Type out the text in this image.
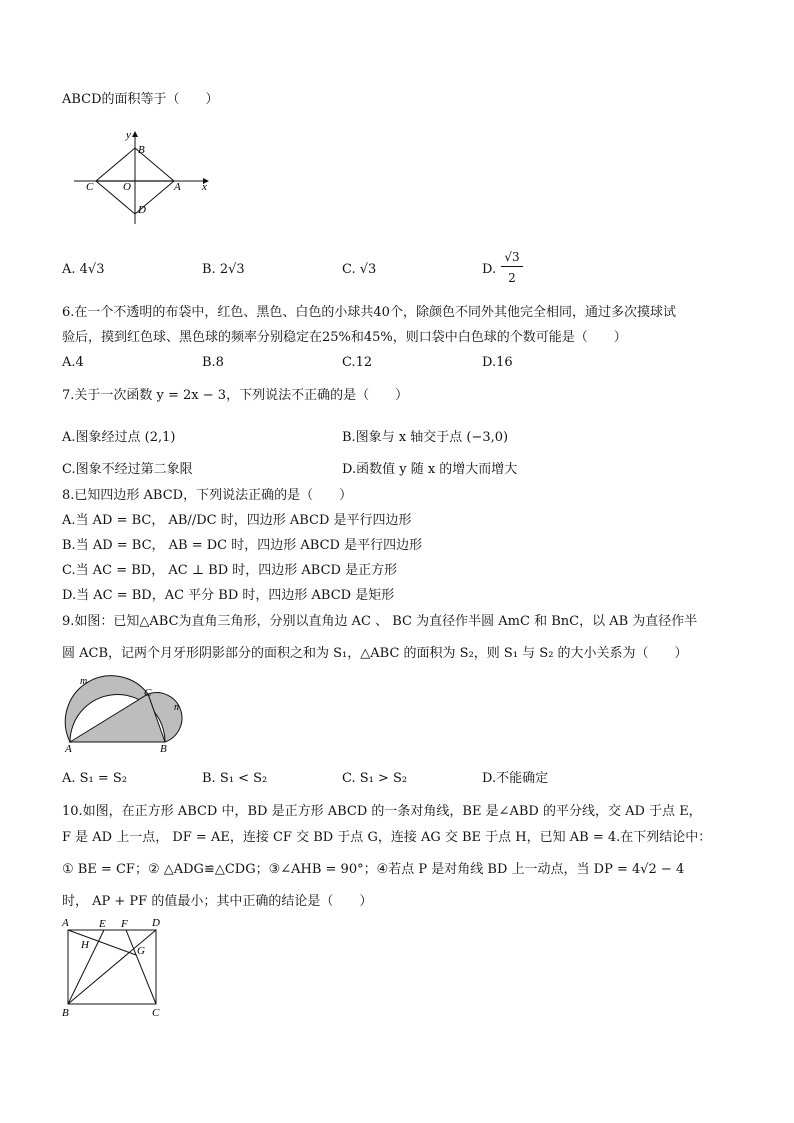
ABCD的面积等于（　　）
y
x
B
C	O	A
D
A. 4√3	B. 2√3	C. √3	D.
√3
2
6.在一个不透明的布袋中，红色、黑色、白色的小球共40个，除颜色不同外其他完全相同，通过多次摸球试
验后，摸到红色球、黑色球的频率分别稳定在25%和45%，则口袋中白色球的个数可能是（　　）
A.4	B.8	C.12	D.16
7.关于一次函数 y = 2x − 3，下列说法不正确的是（　　）
A.图象经过点 (2,1)	B.图象与 x 轴交于点 (−3,0)
C.图象不经过第二象限	D.函数值 y 随 x 的增大而增大
8.已知四边形 ABCD，下列说法正确的是（　　）
A.当 AD = BC， AB//DC 时，四边形 ABCD 是平行四边形
B.当 AD = BC， AB = DC 时，四边形 ABCD 是平行四边形
C.当 AC = BD， AC ⊥ BD 时，四边形 ABCD 是正方形
D.当 AC = BD，AC 平分 BD 时，四边形 ABCD 是矩形
9.如图：已知△ABC为直角三角形，分别以直角边 AC 、 BC 为直径作半圆 AmC 和 BnC，以 AB 为直径作半
圆 ACB，记两个月牙形阴影部分的面积之和为 S₁，△ABC 的面积为 S₂，则 S₁ 与 S₂ 的大小关系为（　　）
m
n
C
A	B
A. S₁ = S₂	B. S₁ < S₂	C. S₁ > S₂	D.不能确定
10.如图，在正方形 ABCD 中，BD 是正方形 ABCD 的一条对角线，BE 是∠ABD 的平分线，交 AD 于点 E，
F 是 AD 上一点， DF = AE，连接 CF 交 BD 于点 G，连接 AG 交 BE 于点 H，已知 AB = 4.在下列结论中：
① BE = CF；② △ADG≌△CDG；③∠AHB = 90°；④若点 P 是对角线 BD 上一动点，当 DP = 4√2 − 4
时， AP + PF 的值最小；其中正确的结论是（　　）
A	E F D
H	G
B	C
